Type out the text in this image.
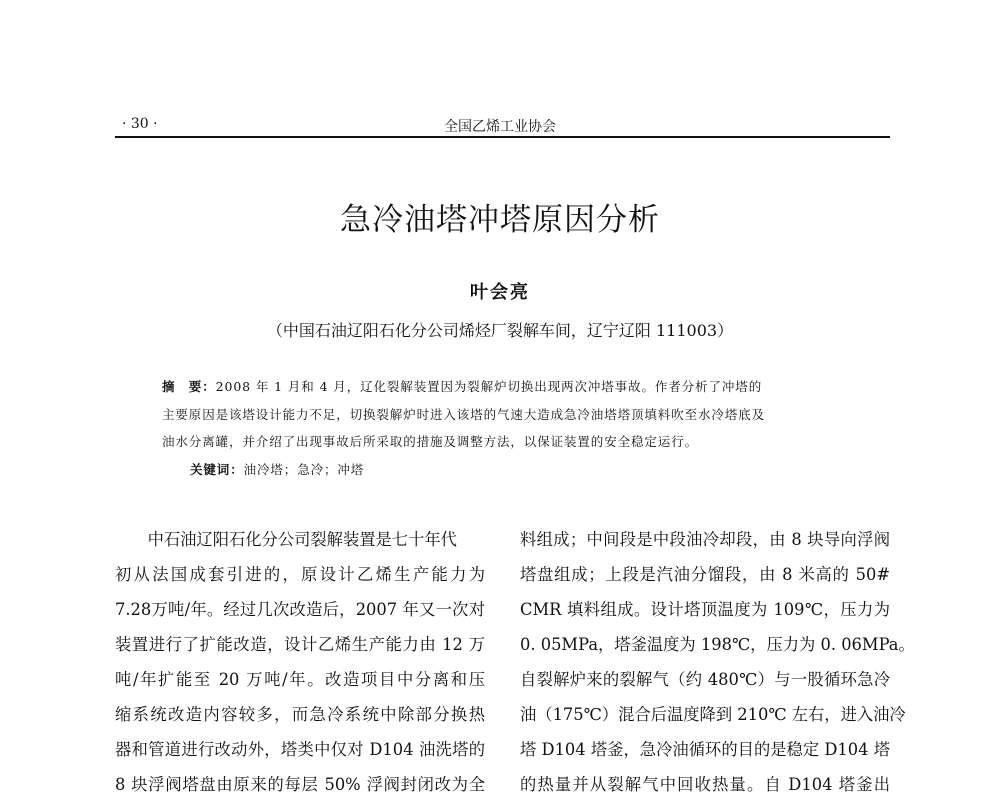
· 30 ·	全国乙烯工业协会
急冷油塔冲塔原因分析
叶会亮
（中国石油辽阳石化分公司烯烃厂裂解车间，辽宁辽阳 111003）
摘　要：2008 年 1 月和 4 月，辽化裂解装置因为裂解炉切换出现两次冲塔事故。作者分析了冲塔的
主要原因是该塔设计能力不足，切换裂解炉时进入该塔的气速大造成急冷油塔塔顶填料吹至水冷塔底及
油水分离罐，并介绍了出现事故后所采取的措施及调整方法，以保证装置的安全稳定运行。
关键词：油冷塔；急冷；冲塔
　　中石油辽阳石化分公司裂解装置是七十年代
初从法国成套引进的，原设计乙烯生产能力为
7.28万吨/年。经过几次改造后，2007 年又一次对
装置进行了扩能改造，设计乙烯生产能力由 12 万
吨/年扩能至 20 万吨/年。改造项目中分离和压
缩系统改造内容较多，而急冷系统中除部分换热
器和管道进行改动外，塔类中仅对 D104 油洗塔的
8 块浮阀塔盘由原来的每层 50% 浮阀封闭改为全
料组成；中间段是中段油冷却段，由 8 块导向浮阀
塔盘组成；上段是汽油分馏段，由 8 米高的 50#
CMR 填料组成。设计塔顶温度为 109℃，压力为
0. 05MPa，塔釜温度为 198℃，压力为 0. 06MPa。
自裂解炉来的裂解气（约 480℃）与一股循环急冷
油（175℃）混合后温度降到 210℃ 左右，进入油冷
塔 D104 塔釜，急冷油循环的目的是稳定 D104 塔
的热量并从裂解气中回收热量。自 D104 塔釜出
